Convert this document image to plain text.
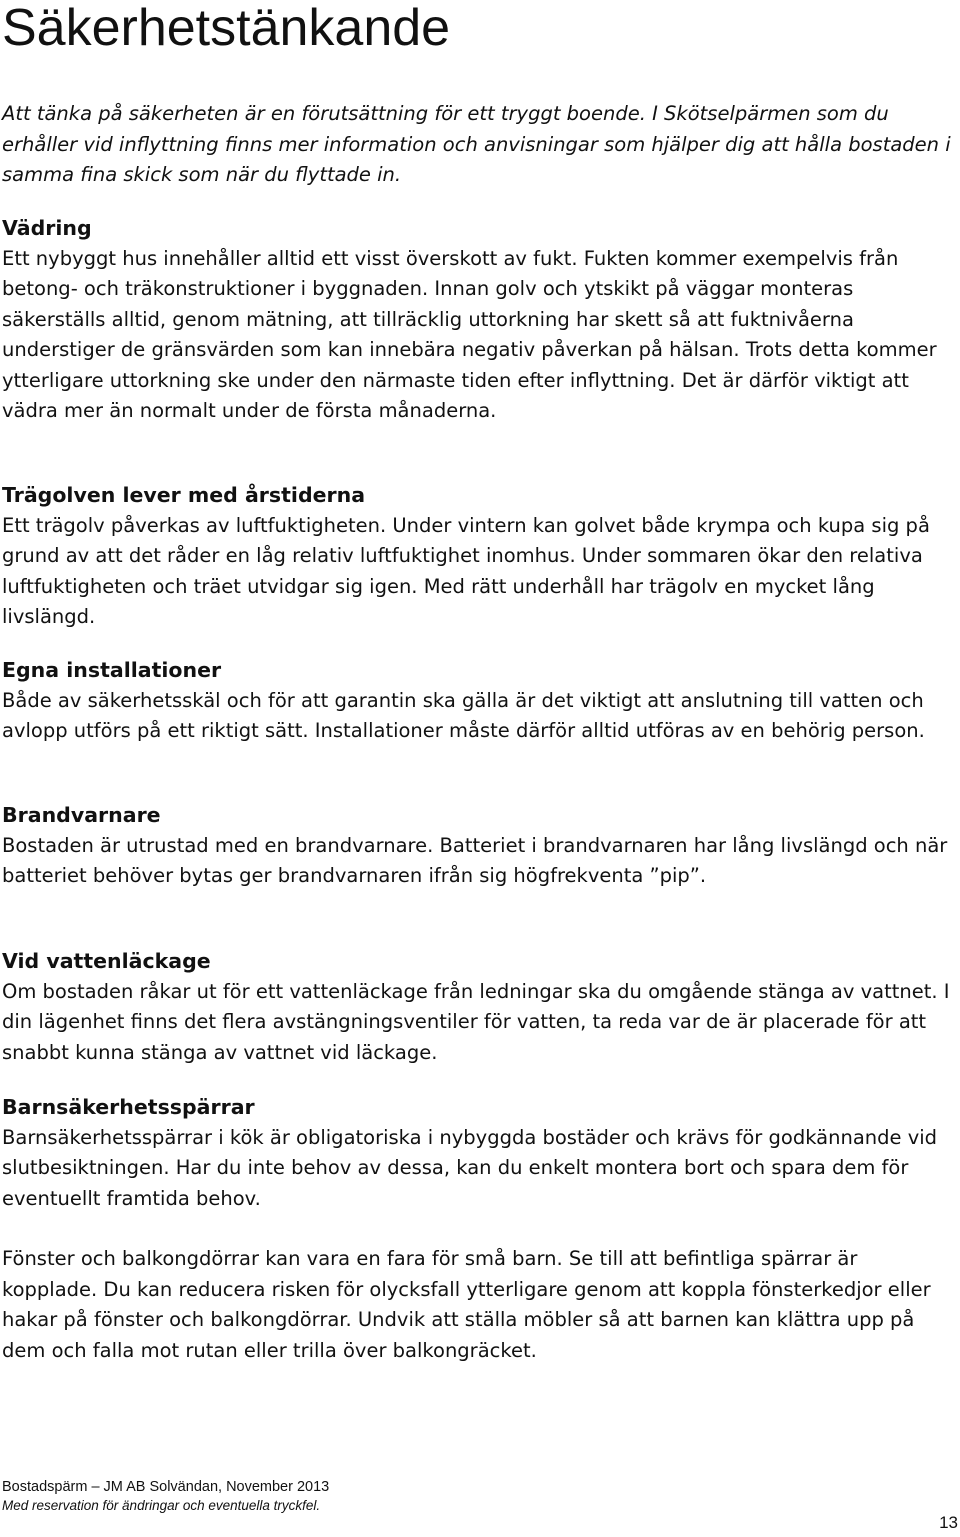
Säkerhetstänkande

Att tänka på säkerheten är en förutsättning för ett tryggt boende. I Skötselpärmen som du erhåller vid inflyttning finns mer information och anvisningar som hjälper dig att hålla bostaden i samma fina skick som när du flyttade in.

Vädring

Ett nybyggt hus innehåller alltid ett visst överskott av fukt. Fukten kommer exempelvis från betong- och träkonstruktioner i byggnaden. Innan golv och ytskikt på väggar monteras säkerställs alltid, genom mätning, att tillräcklig uttorkning har skett så att fuktnivåerna understiger de gränsvärden som kan innebära negativ påverkan på hälsan. Trots detta kommer ytterligare uttorkning ske under den närmaste tiden efter inflyttning. Det är därför viktigt att vädra mer än normalt under de första månaderna.

Trägolven lever med årstiderna

Ett trägolv påverkas av luftfuktigheten. Under vintern kan golvet både krympa och kupa sig på grund av att det råder en låg relativ luftfuktighet inomhus. Under sommaren ökar den relativa luftfuktigheten och träet utvidgar sig igen. Med rätt underhåll har trägolv en mycket lång livslängd.

Egna installationer

Både av säkerhetsskäl och för att garantin ska gälla är det viktigt att anslutning till vatten och avlopp utförs på ett riktigt sätt. Installationer måste därför alltid utföras av en behörig person.

Brandvarnare

Bostaden är utrustad med en brandvarnare. Batteriet i brandvarnaren har lång livslängd och när batteriet behöver bytas ger brandvarnaren ifrån sig högfrekventa ”pip”.

Vid vattenläckage

Om bostaden råkar ut för ett vattenläckage från ledningar ska du omgående stänga av vattnet. I din lägenhet finns det flera avstängningsventiler för vatten, ta reda var de är placerade för att snabbt kunna stänga av vattnet vid läckage.

Barnsäkerhetsspärrar

Barnsäkerhetsspärrar i kök är obligatoriska i nybyggda bostäder och krävs för godkännande vid slutbesiktningen. Har du inte behov av dessa, kan du enkelt montera bort och spara dem för eventuellt framtida behov.

Fönster och balkongdörrar kan vara en fara för små barn. Se till att befintliga spärrar är kopplade. Du kan reducera risken för olycksfall ytterligare genom att koppla fönsterkedjor eller hakar på fönster och balkongdörrar. Undvik att ställa möbler så att barnen kan klättra upp på dem och falla mot rutan eller trilla över balkongräcket.

Bostadspärm – JM AB Solvändan, November 2013

Med reservation för ändringar och eventuella tryckfel.

13
